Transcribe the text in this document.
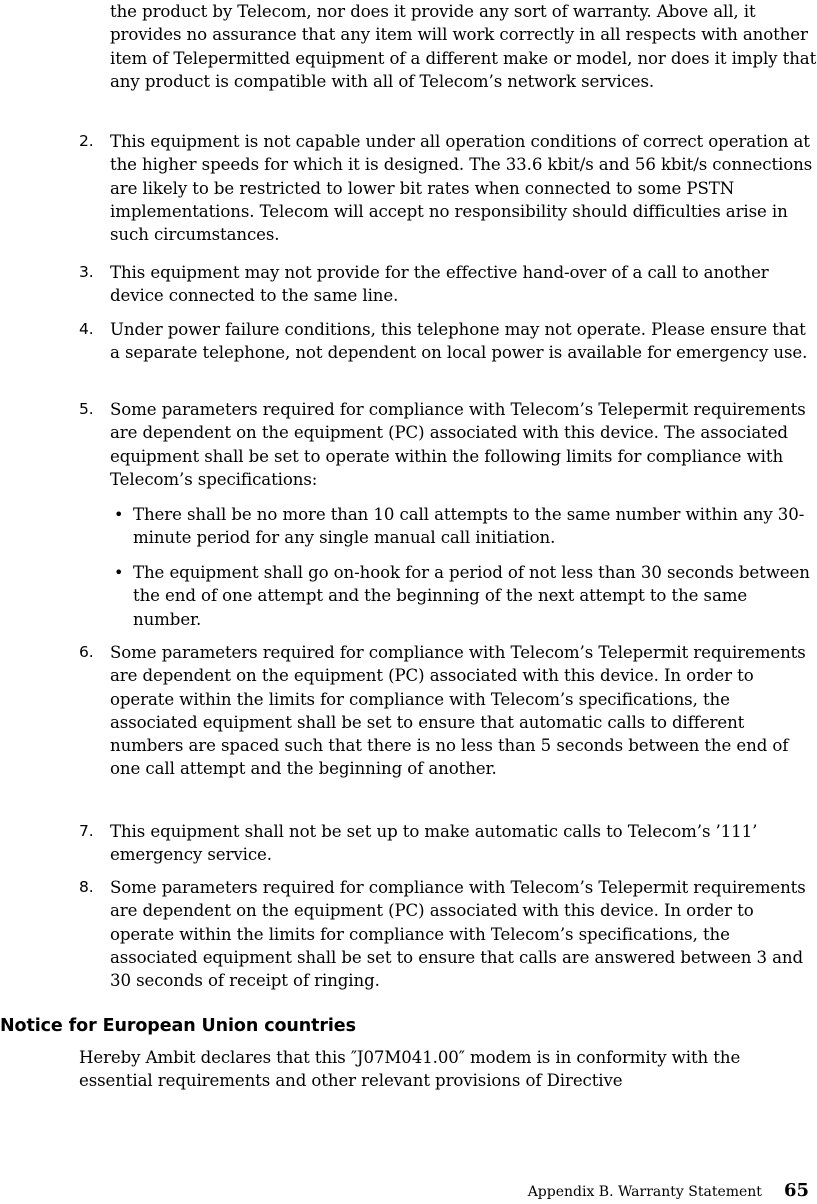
the product by Telecom, nor does it provide any sort of warranty. Above all, it provides no assurance that any item will work correctly in all respects with another item of Telepermitted equipment of a different make or model, nor does it imply that any product is compatible with all of Telecom’s network services.
2. This equipment is not capable under all operation conditions of correct operation at the higher speeds for which it is designed. The 33.6 kbit/s and 56 kbit/s connections are likely to be restricted to lower bit rates when connected to some PSTN implementations. Telecom will accept no responsibility should difficulties arise in such circumstances.
3. This equipment may not provide for the effective hand-over of a call to another device connected to the same line.
4. Under power failure conditions, this telephone may not operate. Please ensure that a separate telephone, not dependent on local power is available for emergency use.
5. Some parameters required for compliance with Telecom’s Telepermit requirements are dependent on the equipment (PC) associated with this device. The associated equipment shall be set to operate within the following limits for compliance with Telecom’s specifications:
• There shall be no more than 10 call attempts to the same number within any 30-minute period for any single manual call initiation.
• The equipment shall go on-hook for a period of not less than 30 seconds between the end of one attempt and the beginning of the next attempt to the same number.
6. Some parameters required for compliance with Telecom’s Telepermit requirements are dependent on the equipment (PC) associated with this device. In order to operate within the limits for compliance with Telecom’s specifications, the associated equipment shall be set to ensure that automatic calls to different numbers are spaced such that there is no less than 5 seconds between the end of one call attempt and the beginning of another.
7. This equipment shall not be set up to make automatic calls to Telecom’s ’111’ emergency service.
8. Some parameters required for compliance with Telecom’s Telepermit requirements are dependent on the equipment (PC) associated with this device. In order to operate within the limits for compliance with Telecom’s specifications, the associated equipment shall be set to ensure that calls are answered between 3 and 30 seconds of receipt of ringing.
Notice for European Union countries
Hereby Ambit declares that this ″J07M041.00″ modem is in conformity with the essential requirements and other relevant provisions of Directive
Appendix B. Warranty Statement 65
